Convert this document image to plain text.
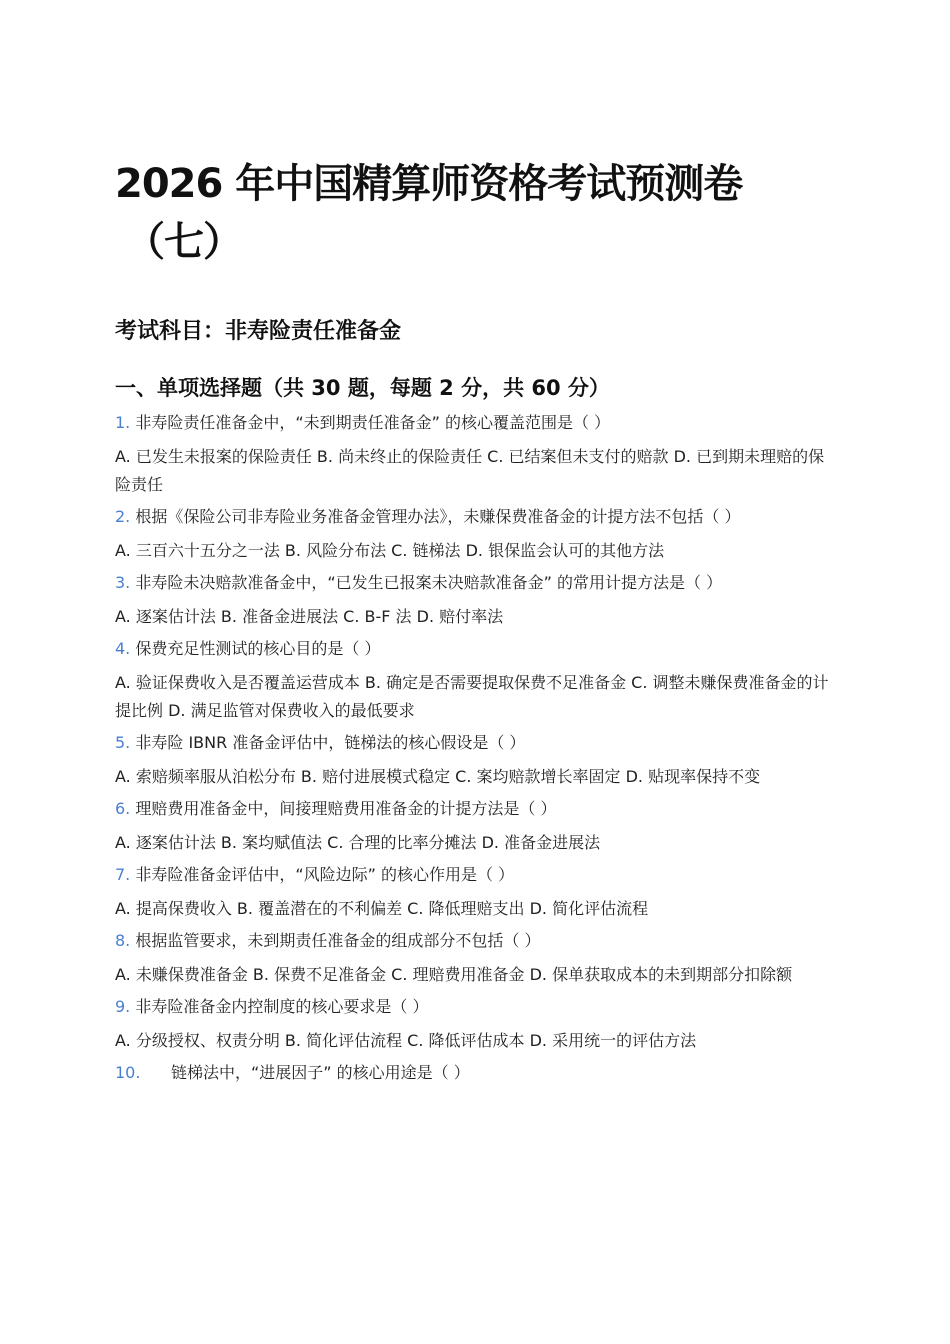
2026 年中国精算师资格考试预测卷
（七）
考试科目：非寿险责任准备金
一、单项选择题（共 30 题，每题 2 分，共 60 分）
1. 非寿险责任准备金中，“未到期责任准备金” 的核心覆盖范围是（ ）
A. 已发生未报案的保险责任 B. 尚未终止的保险责任 C. 已结案但未支付的赔款 D. 已到期未理赔的保险责任
2. 根据《保险公司非寿险业务准备金管理办法》，未赚保费准备金的计提方法不包括（ ）
A. 三百六十五分之一法 B. 风险分布法 C. 链梯法 D. 银保监会认可的其他方法
3. 非寿险未决赔款准备金中，“已发生已报案未决赔款准备金” 的常用计提方法是（ ）
A. 逐案估计法 B. 准备金进展法 C. B-F 法 D. 赔付率法
4. 保费充足性测试的核心目的是（ ）
A. 验证保费收入是否覆盖运营成本 B. 确定是否需要提取保费不足准备金 C. 调整未赚保费准备金的计提比例 D. 满足监管对保费收入的最低要求
5. 非寿险 IBNR 准备金评估中，链梯法的核心假设是（ ）
A. 索赔频率服从泊松分布 B. 赔付进展模式稳定 C. 案均赔款增长率固定 D. 贴现率保持不变
6. 理赔费用准备金中，间接理赔费用准备金的计提方法是（ ）
A. 逐案估计法 B. 案均赋值法 C. 合理的比率分摊法 D. 准备金进展法
7. 非寿险准备金评估中，“风险边际” 的核心作用是（ ）
A. 提高保费收入 B. 覆盖潜在的不利偏差 C. 降低理赔支出 D. 简化评估流程
8. 根据监管要求，未到期责任准备金的组成部分不包括（ ）
A. 未赚保费准备金 B. 保费不足准备金 C. 理赔费用准备金 D. 保单获取成本的未到期部分扣除额
9. 非寿险准备金内控制度的核心要求是（ ）
A. 分级授权、权责分明 B. 简化评估流程 C. 降低评估成本 D. 采用统一的评估方法
10. 链梯法中，“进展因子” 的核心用途是（ ）
